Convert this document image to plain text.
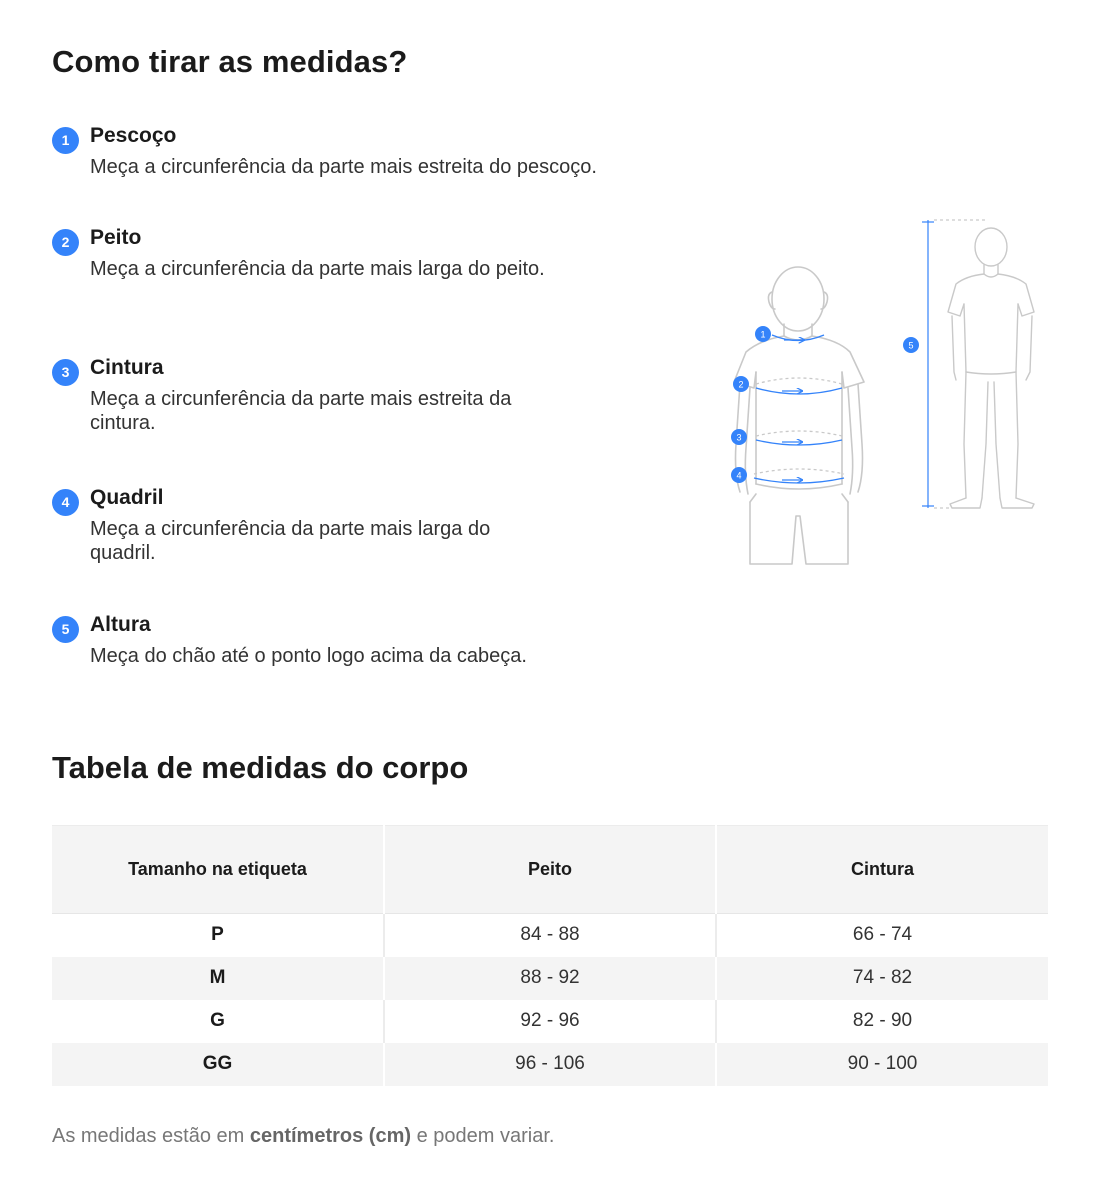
Como tirar as medidas?
1 Pescoço
Meça a circunferência da parte mais estreita do pescoço.
2 Peito
Meça a circunferência da parte mais larga do peito.
3 Cintura
Meça a circunferência da parte mais estreita da
cintura.
4 Quadril
Meça a circunferência da parte mais larga do
quadril.
5 Altura
Meça do chão até o ponto logo acima da cabeça.
1
2
3
4
5
Tabela de medidas do corpo
Tamanho na etiqueta	Peito	Cintura
P	84 - 88	66 - 74
M	88 - 92	74 - 82
G	92 - 96	82 - 90
GG	96 - 106	90 - 100

As medidas estão em centímetros (cm) e podem variar.
